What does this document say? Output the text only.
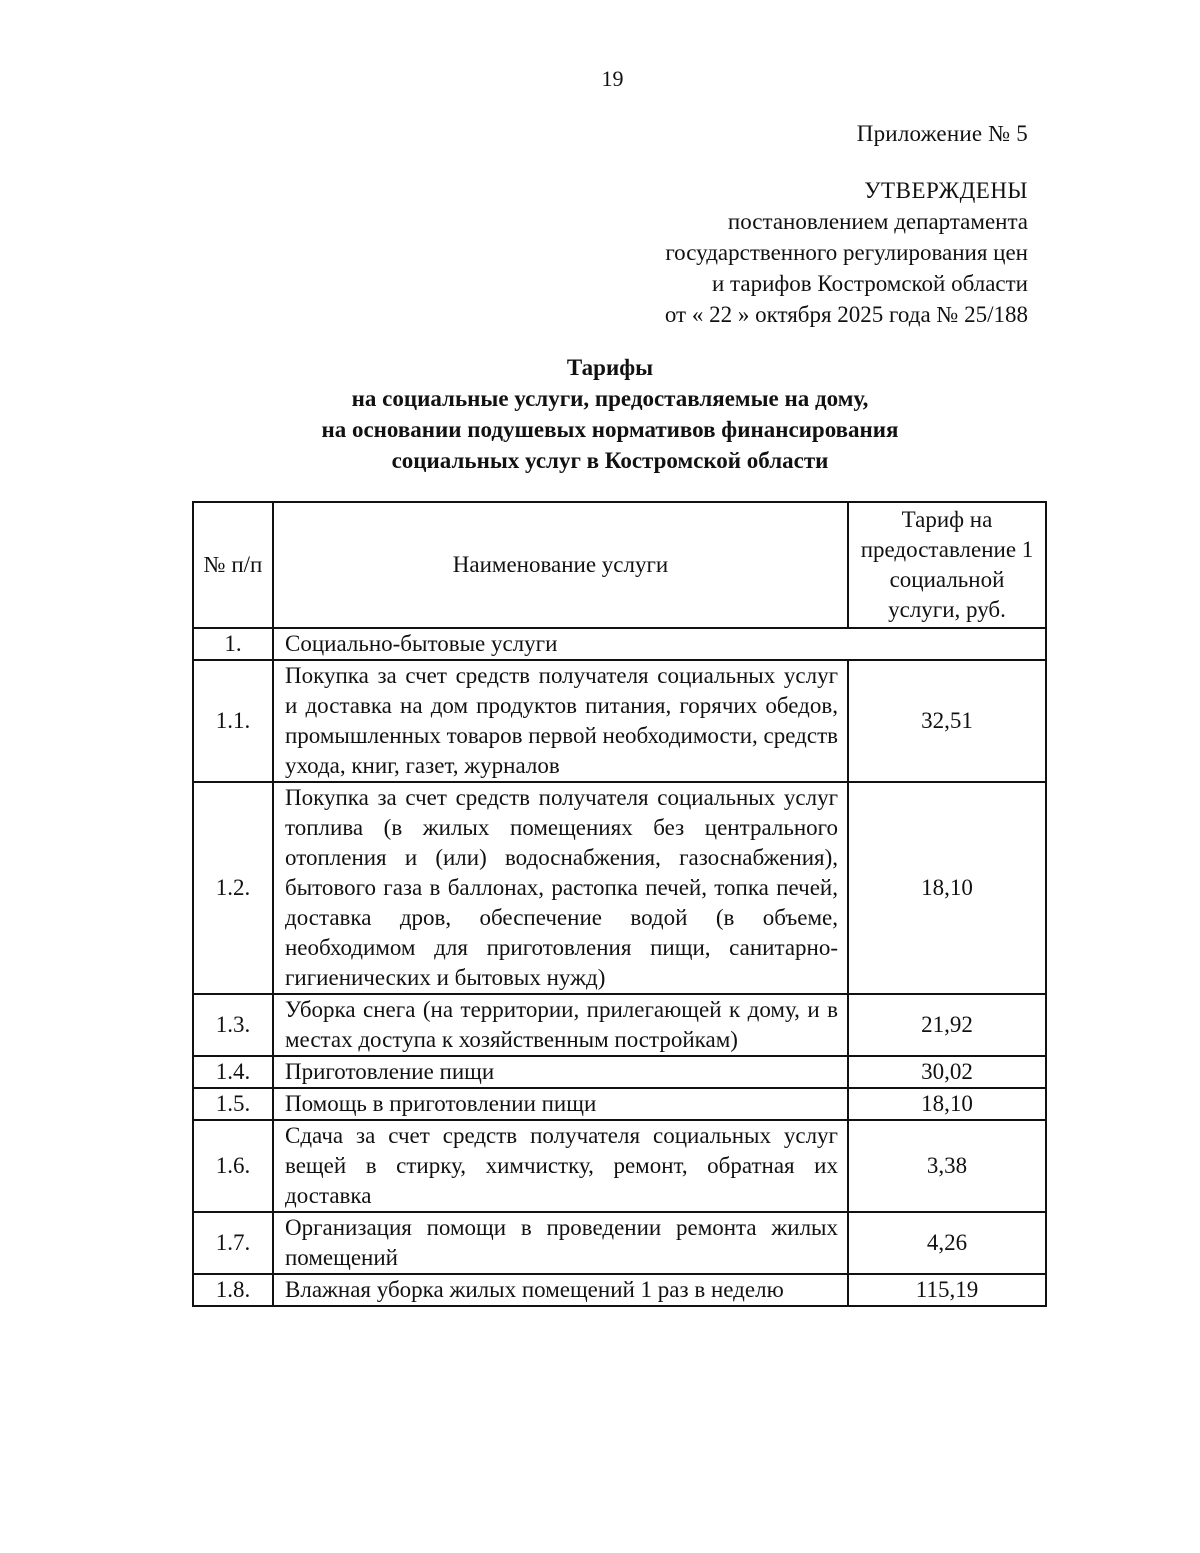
19
Приложение № 5
УТВЕРЖДЕНЫ
постановлением департамента
государственного регулирования цен
и тарифов Костромской области
от « 22 » октября 2025 года № 25/188
Тарифы
на социальные услуги, предоставляемые на дому,
на основании подушевых нормативов финансирования
социальных услуг в Костромской области
№ п/п	Наименование услуги	Тариф на предоставление 1 социальной услуги, руб.
1.	Социально-бытовые услуги	
1.1.	Покупка за счет средств получателя социальных услуг и доставка на дом продуктов питания, горячих обедов, промышленных товаров первой необходимости, средств ухода, книг, газет, журналов	32,51
1.2.	Покупка за счет средств получателя социальных услуг топлива (в жилых помещениях без центрального отопления и (или) водоснабжения, газоснабжения), бытового газа в баллонах, растопка печей, топка печей, доставка дров, обеспечение водой (в объеме, необходимом для приготовления пищи, санитарно-гигиенических и бытовых нужд)	18,10
1.3.	Уборка снега (на территории, прилегающей к дому, и в местах доступа к хозяйственным постройкам)	21,92
1.4.	Приготовление пищи	30,02
1.5.	Помощь в приготовлении пищи	18,10
1.6.	Сдача за счет средств получателя социальных услуг вещей в стирку, химчистку, ремонт, обратная их доставка	3,38
1.7.	Организация помощи в проведении ремонта жилых помещений	4,26
1.8.	Влажная уборка жилых помещений 1 раз в неделю	115,19
